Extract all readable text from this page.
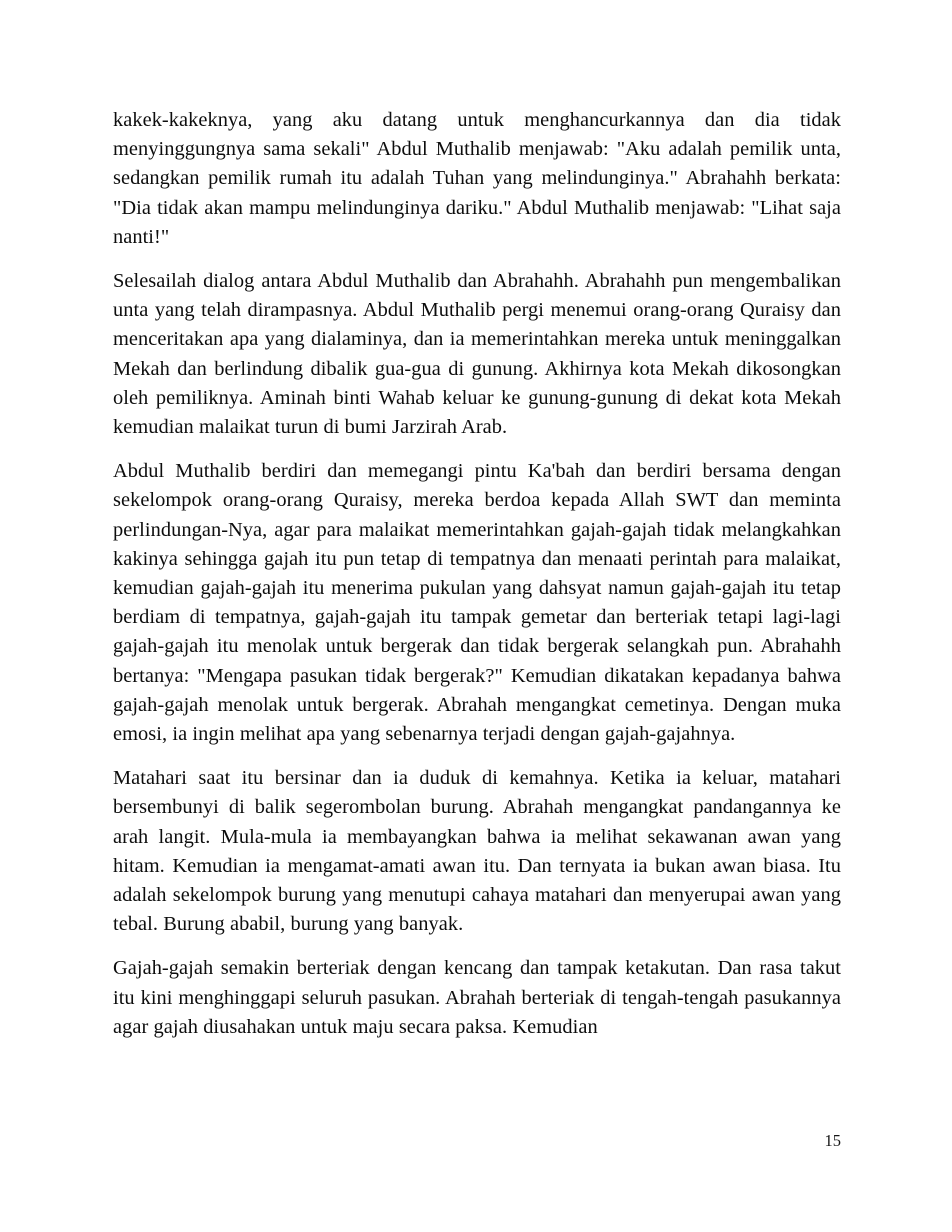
kakek-kakeknya, yang aku datang untuk menghancurkannya dan dia tidak menyinggungnya sama sekali" Abdul Muthalib menjawab: "Aku adalah pemilik unta, sedangkan pemilik rumah itu adalah Tuhan yang melindunginya." Abrahahh berkata: "Dia tidak akan mampu melindunginya dariku." Abdul Muthalib menjawab: "Lihat saja nanti!"

Selesailah dialog antara Abdul Muthalib dan Abrahahh. Abrahahh pun mengembalikan unta yang telah dirampasnya. Abdul Muthalib pergi menemui orang-orang Quraisy dan menceritakan apa yang dialaminya, dan ia memerintahkan mereka untuk meninggalkan Mekah dan berlindung dibalik gua-gua di gunung. Akhirnya kota Mekah dikosongkan oleh pemiliknya. Aminah binti Wahab keluar ke gunung-gunung di dekat kota Mekah kemudian malaikat turun di bumi Jarzirah Arab.

Abdul Muthalib berdiri dan memegangi pintu Ka'bah dan berdiri bersama dengan sekelompok orang-orang Quraisy, mereka berdoa kepada Allah SWT dan meminta perlindungan-Nya, agar para malaikat memerintahkan gajah-gajah tidak melangkahkan kakinya sehingga gajah itu pun tetap di tempatnya dan menaati perintah para malaikat, kemudian gajah-gajah itu menerima pukulan yang dahsyat namun gajah-gajah itu tetap berdiam di tempatnya, gajah-gajah itu tampak gemetar dan berteriak tetapi lagi-lagi gajah-gajah itu menolak untuk bergerak dan tidak bergerak selangkah pun. Abrahahh bertanya: "Mengapa pasukan tidak bergerak?" Kemudian dikatakan kepadanya bahwa gajah-gajah menolak untuk bergerak. Abrahah mengangkat cemetinya. Dengan muka emosi, ia ingin melihat apa yang sebenarnya terjadi dengan gajah-gajahnya.

Matahari saat itu bersinar dan ia duduk di kemahnya. Ketika ia keluar, matahari bersembunyi di balik segerombolan burung. Abrahah mengangkat pandangannya ke arah langit. Mula-mula ia membayangkan bahwa ia melihat sekawanan awan yang hitam. Kemudian ia mengamat-amati awan itu. Dan ternyata ia bukan awan biasa. Itu adalah sekelompok burung yang menutupi cahaya matahari dan menyerupai awan yang tebal. Burung ababil, burung yang banyak.

Gajah-gajah semakin berteriak dengan kencang dan tampak ketakutan. Dan rasa takut itu kini menghinggapi seluruh pasukan. Abrahah berteriak di tengah-tengah pasukannya agar gajah diusahakan untuk maju secara paksa. Kemudian

15
